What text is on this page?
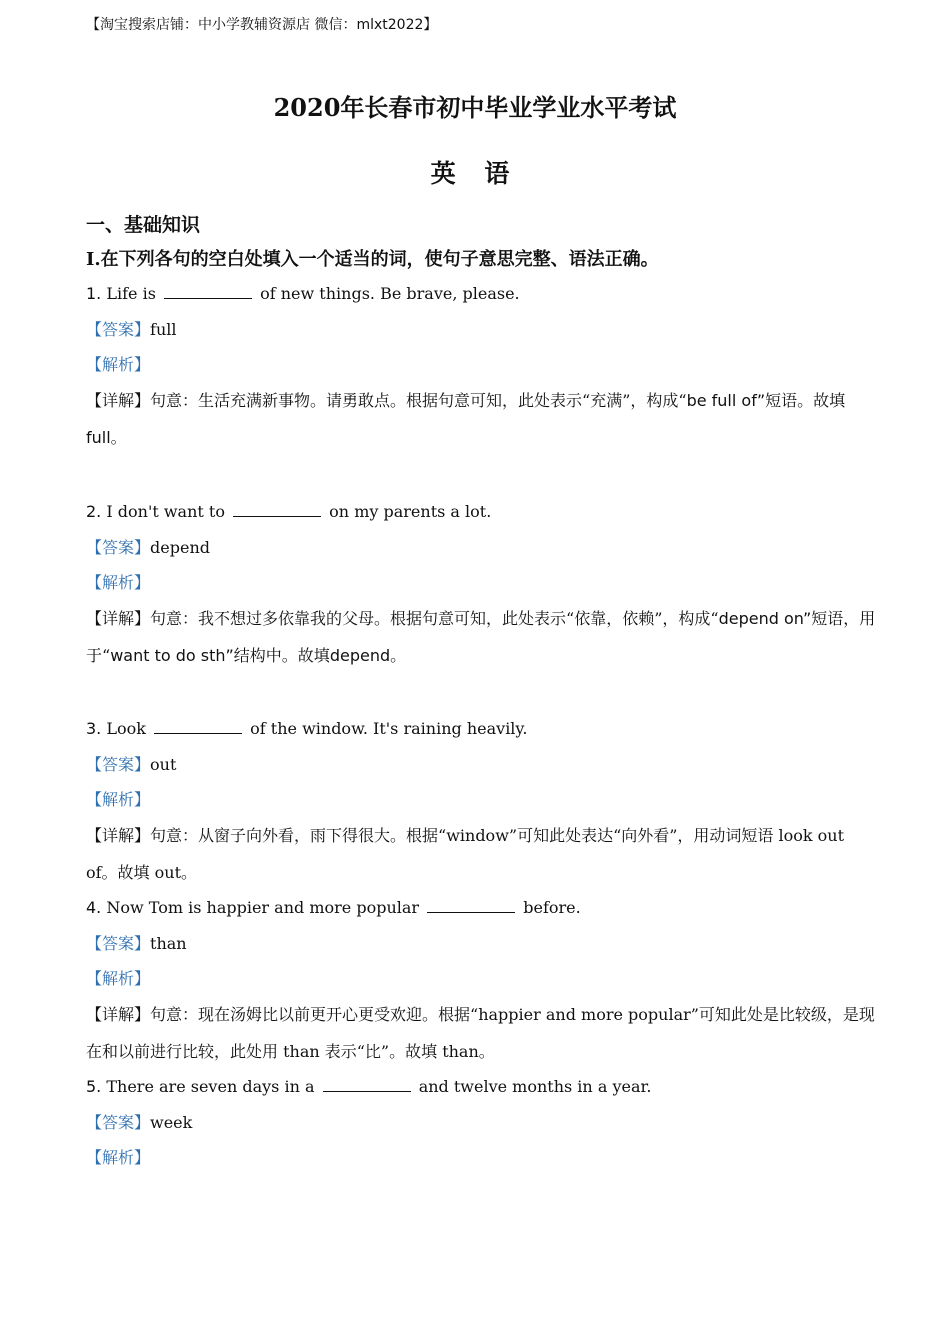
【淘宝搜索店铺：中小学教辅资源店 微信：mlxt2022】
2020年长春市初中毕业学业水平考试
英 语
一、基础知识
I.在下列各句的空白处填入一个适当的词，使句子意思完整、语法正确。
1. Life is	of new things. Be brave, please.
【答案】full
【解析】
【详解】句意：生活充满新事物。请勇敢点。根据句意可知，此处表示“充满”，构成“be full of”短语。故填full。
2. I don't want to	on my parents a lot.
【答案】depend
【解析】
【详解】句意：我不想过多依靠我的父母。根据句意可知，此处表示“依靠，依赖”，构成“depend on”短语，用于“want to do sth”结构中。故填depend。
3. Look	of the window. It's raining heavily.
【答案】out
【解析】
【详解】句意：从窗子向外看，雨下得很大。根据“window”可知此处表达“向外看”，用动词短语 look out of。故填 out。
4. Now Tom is happier and more popular	before.
【答案】than
【解析】
【详解】句意：现在汤姆比以前更开心更受欢迎。根据“happier and more popular”可知此处是比较级，是现在和以前进行比较，此处用 than 表示“比”。故填 than。
5. There are seven days in a	and twelve months in a year.
【答案】week
【解析】
